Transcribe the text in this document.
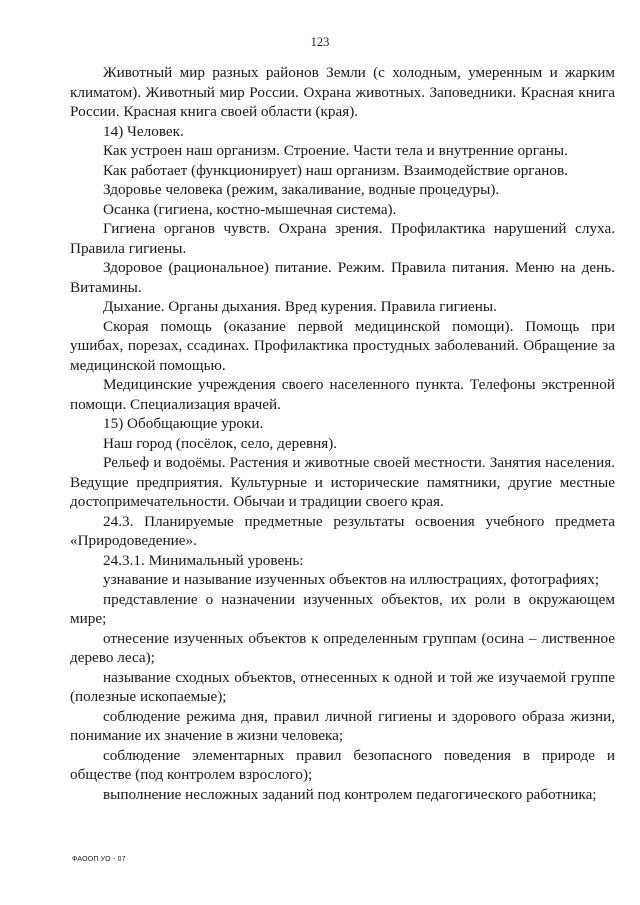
123

Животный мир разных районов Земли (с холодным, умеренным и жарким климатом). Животный мир России. Охрана животных. Заповедники. Красная книга России. Красная книга своей области (края).

14) Человек.

Как устроен наш организм. Строение. Части тела и внутренние органы.

Как работает (функционирует) наш организм. Взаимодействие органов.

Здоровье человека (режим, закаливание, водные процедуры).

Осанка (гигиена, костно-мышечная система).

Гигиена органов чувств. Охрана зрения. Профилактика нарушений слуха. Правила гигиены.

Здоровое (рациональное) питание. Режим. Правила питания. Меню на день. Витамины.

Дыхание. Органы дыхания. Вред курения. Правила гигиены.

Скорая помощь (оказание первой медицинской помощи). Помощь при ушибах, порезах, ссадинах. Профилактика простудных заболеваний. Обращение за медицинской помощью.

Медицинские учреждения своего населенного пункта. Телефоны экстренной помощи. Специализация врачей.

15) Обобщающие уроки.

Наш город (посёлок, село, деревня).

Рельеф и водоёмы. Растения и животные своей местности. Занятия населения. Ведущие предприятия. Культурные и исторические памятники, другие местные достопримечательности. Обычаи и традиции своего края.

24.3. Планируемые предметные результаты освоения учебного предмета «Природоведение».

24.3.1. Минимальный уровень:

узнавание и называние изученных объектов на иллюстрациях, фотографиях;

представление о назначении изученных объектов, их роли в окружающем мире;

отнесение изученных объектов к определенным группам (осина – лиственное дерево леса);

называние сходных объектов, отнесенных к одной и той же изучаемой группе (полезные ископаемые);

соблюдение режима дня, правил личной гигиены и здорового образа жизни, понимание их значение в жизни человека;

соблюдение элементарных правил безопасного поведения в природе и обществе (под контролем взрослого);

выполнение несложных заданий под контролем педагогического работника;

ФАООП УО - 07
